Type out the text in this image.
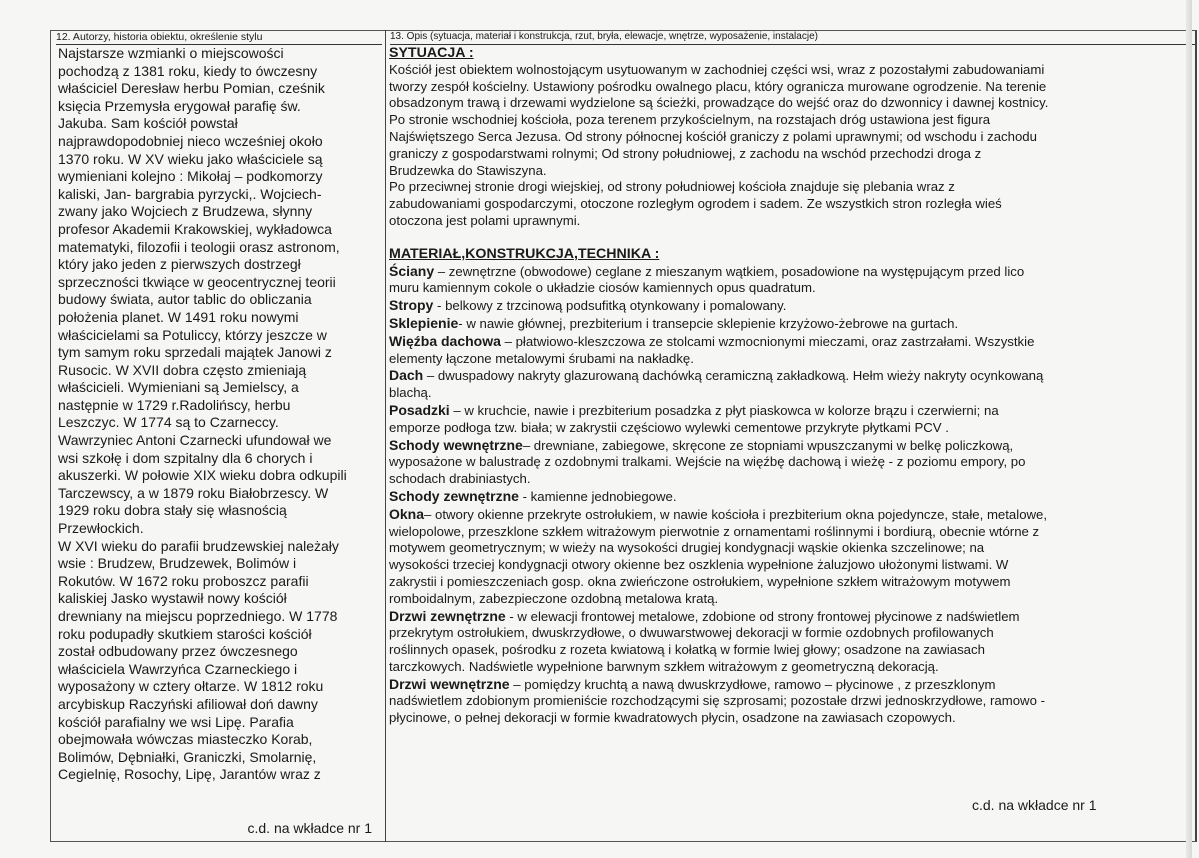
12. Autorzy, historia obiektu, określenie stylu	13. Opis (sytuacja, materiał i konstrukcja, rzut, bryła, elewacje, wnętrze, wyposażenie, instalacje)
Najstarsze wzmianki o miejscowości
pochodzą z 1381 roku, kiedy to ówczesny
właściciel Deresław herbu Pomian, cześnik
księcia Przemysła erygował parafię św.
Jakuba. Sam kościół powstał
najprawdopodobniej nieco wcześniej około
1370 roku. W XV wieku jako właściciele są
wymieniani kolejno : Mikołaj – podkomorzy
kaliski, Jan- bargrabia pyrzycki,. Wojciech-
zwany jako Wojciech z Brudzewa, słynny
profesor Akademii Krakowskiej, wykładowca
matematyki, filozofii i teologii orasz astronom,
który jako jeden z pierwszych dostrzegł
sprzeczności tkwiące w geocentrycznej teorii
budowy świata, autor tablic do obliczania
położenia planet. W 1491 roku nowymi
właścicielami sa Potuliccy, którzy jeszcze w
tym samym roku sprzedali majątek Janowi z
Rusocic. W XVII dobra często zmieniają
właścicieli. Wymieniani są Jemielscy, a
następnie w 1729 r.Radolińscy, herbu
Leszczyc. W 1774 są to Czarneccy.
Wawrzyniec Antoni Czarnecki ufundował we
wsi szkołę i dom szpitalny dla 6 chorych i
akuszerki. W połowie XIX wieku dobra odkupili
Tarczewscy, a w 1879 roku Białobrzescy. W
1929 roku dobra stały się własnością
Przewłockich.
W XVI wieku do parafii brudzewskiej należały
wsie : Brudzew, Brudzewek, Bolimów i
Rokutów. W 1672 roku proboszcz parafii
kaliskiej Jasko wystawił nowy kościół
drewniany na miejscu poprzedniego. W 1778
roku podupadły skutkiem starości kościół
został odbudowany przez ówczesnego
właściciela Wawrzyńca Czarneckiego i
wyposażony w cztery ołtarze. W 1812 roku
arcybiskup Raczyński afiliował doń dawny
kościół parafialny we wsi Lipę. Parafia
obejmowała wówczas miasteczko Korab,
Bolimów, Dębniałki, Graniczki, Smolarnię,
Cegielnię, Rosochy, Lipę, Jarantów wraz z
c.d. na wkładce nr 1

SYTUACJA :

Kościół jest obiektem wolnostojącym usytuowanym w zachodniej części wsi, wraz z pozostałymi zabudowaniami
tworzy zespół kościelny. Ustawiony pośrodku owalnego placu, który ogranicza murowane ogrodzenie. Na terenie
obsadzonym trawą i drzewami wydzielone są ścieżki, prowadzące do wejść oraz do dzwonnicy i dawnej kostnicy.
Po stronie wschodniej kościoła, poza terenem przykościelnym, na rozstajach dróg ustawiona jest figura
Najświętszego Serca Jezusa. Od strony północnej kościół graniczy z polami uprawnymi; od wschodu i zachodu
graniczy z gospodarstwami rolnymi; Od strony południowej, z zachodu na wschód przechodzi droga z
Brudzewka do Stawiszyna.

Po przeciwnej stronie drogi wiejskiej, od strony południowej kościoła znajduje się plebania wraz z
zabudowaniami gospodarczymi, otoczone rozległym ogrodem i sadem. Ze wszystkich stron rozległa wieś
otoczona jest polami uprawnymi.

MATERIAŁ,KONSTRUKCJA,TECHNIKA :

Ściany – zewnętrzne (obwodowe) ceglane z mieszanym wątkiem, posadowione na występującym przed lico
muru kamiennym cokole o układzie ciosów kamiennych opus quadratum.

Stropy - belkowy z trzcinową podsufitką otynkowany i pomalowany.

Sklepienie- w nawie głównej, prezbiterium i transepcie sklepienie krzyżowo-żebrowe na gurtach.

Więźba dachowa – płatwiowo-kleszczowa ze stolcami wzmocnionymi mieczami, oraz zastrzałami. Wszystkie
elementy łączone metalowymi śrubami na nakładkę.

Dach – dwuspadowy nakryty glazurowaną dachówką ceramiczną zakładkową. Hełm wieży nakryty ocynkowaną
blachą.

Posadzki – w kruchcie, nawie i prezbiterium posadzka z płyt piaskowca w kolorze brązu i czerwierni; na
emporze podłoga tzw. biała; w zakrystii częściowo wylewki cementowe przykryte płytkami PCV .

Schody wewnętrzne– drewniane, zabiegowe, skręcone ze stopniami wpuszczanymi w belkę policzkową,
wyposażone w balustradę z ozdobnymi tralkami. Wejście na więźbę dachową i wieżę - z poziomu empory, po
schodach drabiniastych.

Schody zewnętrzne - kamienne jednobiegowe.

Okna– otwory okienne przekryte ostrołukiem, w nawie kościoła i prezbiterium okna pojedyncze, stałe, metalowe,
wielopolowe, przeszklone szkłem witrażowym pierwotnie z ornamentami roślinnymi i bordiurą, obecnie wtórne z
motywem geometrycznym; w wieży na wysokości drugiej kondygnacji wąskie okienka szczelinowe; na
wysokości trzeciej kondygnacji otwory okienne bez oszklenia wypełnione żaluzjowo ułożonymi listwami. W
zakrystii i pomieszczeniach gosp. okna zwieńczone ostrołukiem, wypełnione szkłem witrażowym motywem
romboidalnym, zabezpieczone ozdobną metalowa kratą.

Drzwi zewnętrzne - w elewacji frontowej metalowe, zdobione od strony frontowej płycinowe z nadświetlem
przekrytym ostrołukiem, dwuskrzydłowe, o dwuwarstwowej dekoracji w formie ozdobnych profilowanych
roślinnych opasek, pośrodku z rozeta kwiatową i kołatką w formie lwiej głowy; osadzone na zawiasach
tarczkowych. Nadświetle wypełnione barwnym szkłem witrażowym z geometryczną dekoracją.

Drzwi wewnętrzne – pomiędzy kruchtą a nawą dwuskrzydłowe, ramowo – płycinowe , z przeszklonym
nadświetlem zdobionym promieniście rozchodzącymi się szprosami; pozostałe drzwi jednoskrzydłowe, ramowo -
płycinowe, o pełnej dekoracji w formie kwadratowych płycin, osadzone na zawiasach czopowych.

c.d. na wkładce nr 1
